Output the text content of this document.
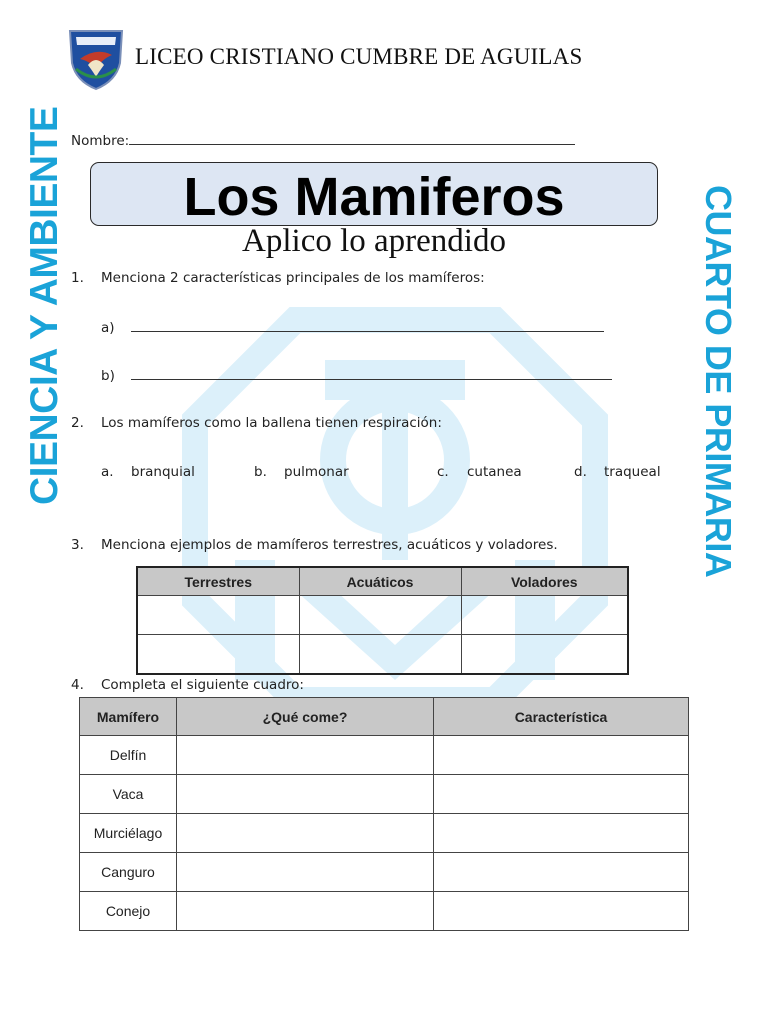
LICEO CRISTIANO CUMBRE DE AGUILAS
Nombre:
Los Mamiferos
Aplico lo aprendido
CIENCIA Y AMBIENTE	CUARTO DE PRIMARIA
1. Menciona 2 características principales de los mamíferos:
a)
b)
2. Los mamíferos como la ballena tienen respiración:
a. branquial	b. pulmonar	c. cutanea	d. traqueal
3. Menciona ejemplos de mamíferos terrestres, acuáticos y voladores.
Terrestres	Acuáticos	Voladores

4. Completa el siguiente cuadro:
Mamífero	¿Qué come?	Característica
Delfín		
Vaca		
Murciélago		
Canguro		
Conejo		
